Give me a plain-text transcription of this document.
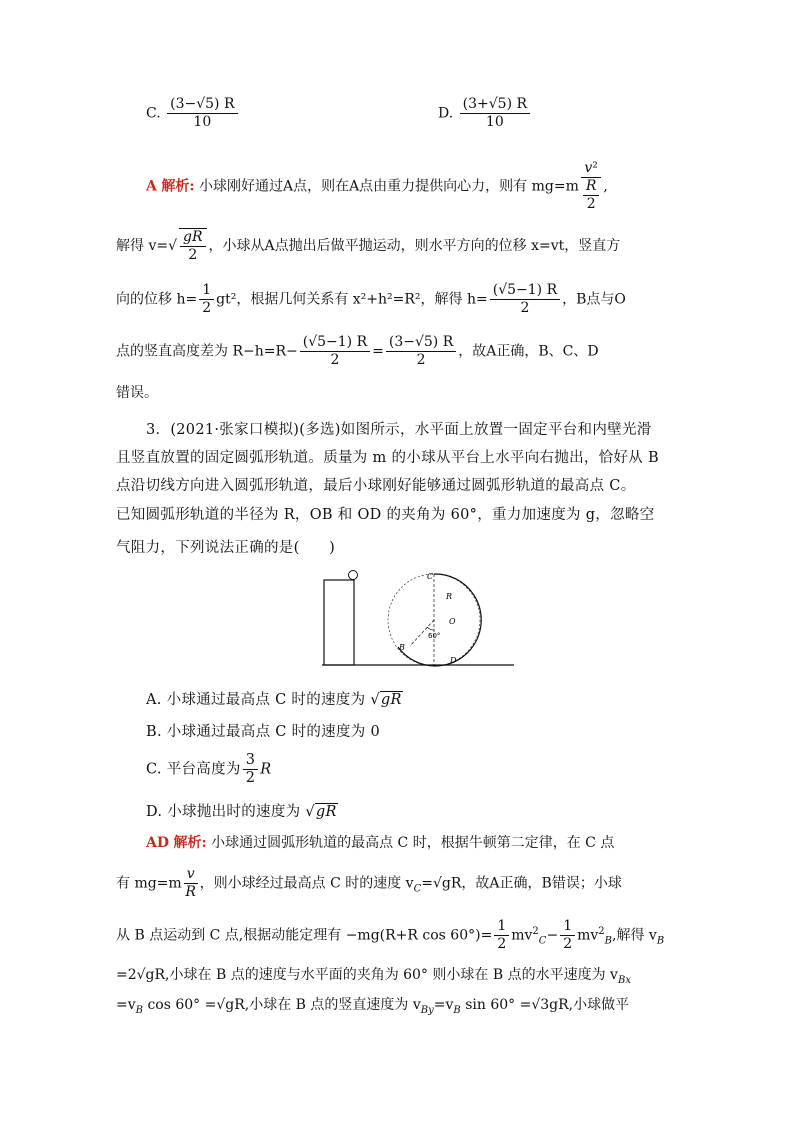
C. $\frac{(3-√5) R}{10}$	D. $\frac{(3+√5) R}{10}$
A 解析: 小球刚好通过A点，则在A点由重力提供向心力，则有 $mg=m \frac{\text{v²}}{\frac{R}{2}}$ ,
解得 $v=√ \frac{gR}{2}$ ，小球从A点抛出后做平抛运动，则水平方向的位移 x=vt，竖直方
向的位移 $h= \frac{1}{2} gt^2$，根据几何关系有 x²+h²=R²，解得 $h= \frac{(√5-1) R}{2}$ ，B点与O
点的竖直高度差为 $R-h=R- \frac{(√5-1) R}{2} = \frac{(3-√5) R}{2}$ ，故A正确，B、C、D
错误。
3．(2021·张家口模拟)(多选)如图所示，水平面上放置一固定平台和内壁光滑
且竖直放置的固定圆弧形轨道。质量为 m 的小球从平台上水平向右抛出，恰好从 B
点沿切线方向进入圆弧形轨道，最后小球刚好能够通过圆弧形轨道的最高点 C。
已知圆弧形轨道的半径为 R，OB 和 OD 的夹角为 60°，重力加速度为 g，忽略空
气阻力，下列说法正确的是(　　)
C
R
O
B
60°
D
A. 小球通过最高点 C 时的速度为 √gR
B. 小球通过最高点 C 时的速度为 0
C. 平台高度为 $\frac{3}{2}$ R
D. 小球抛出时的速度为 √gR
AD 解析: 小球通过圆弧形轨道的最高点 C 时，根据牛顿第二定律，在 C 点
有 $mg=m \frac{v}{R}$ ，则小球经过最高点 C 时的速度 $v_C=√gR$，故A正确，B错误；小球
从 B 点运动到 C 点,根据动能定理有 −mg(R+R $\cos 60^\circ)= \frac{1}{2} mv^2_C- \frac{1}{2} mv^2_B$,解得 $v_B$
=2√gR,小球在 B 点的速度与水平面的夹角为 60° 则小球在 B 点的水平速度为 $v_{Bx}$
$=v_B$ cos 60° =√gR,小球在 B 点的竖直速度为 $v_{By}=v_B$ sin 60° =√3gR,小球做平
